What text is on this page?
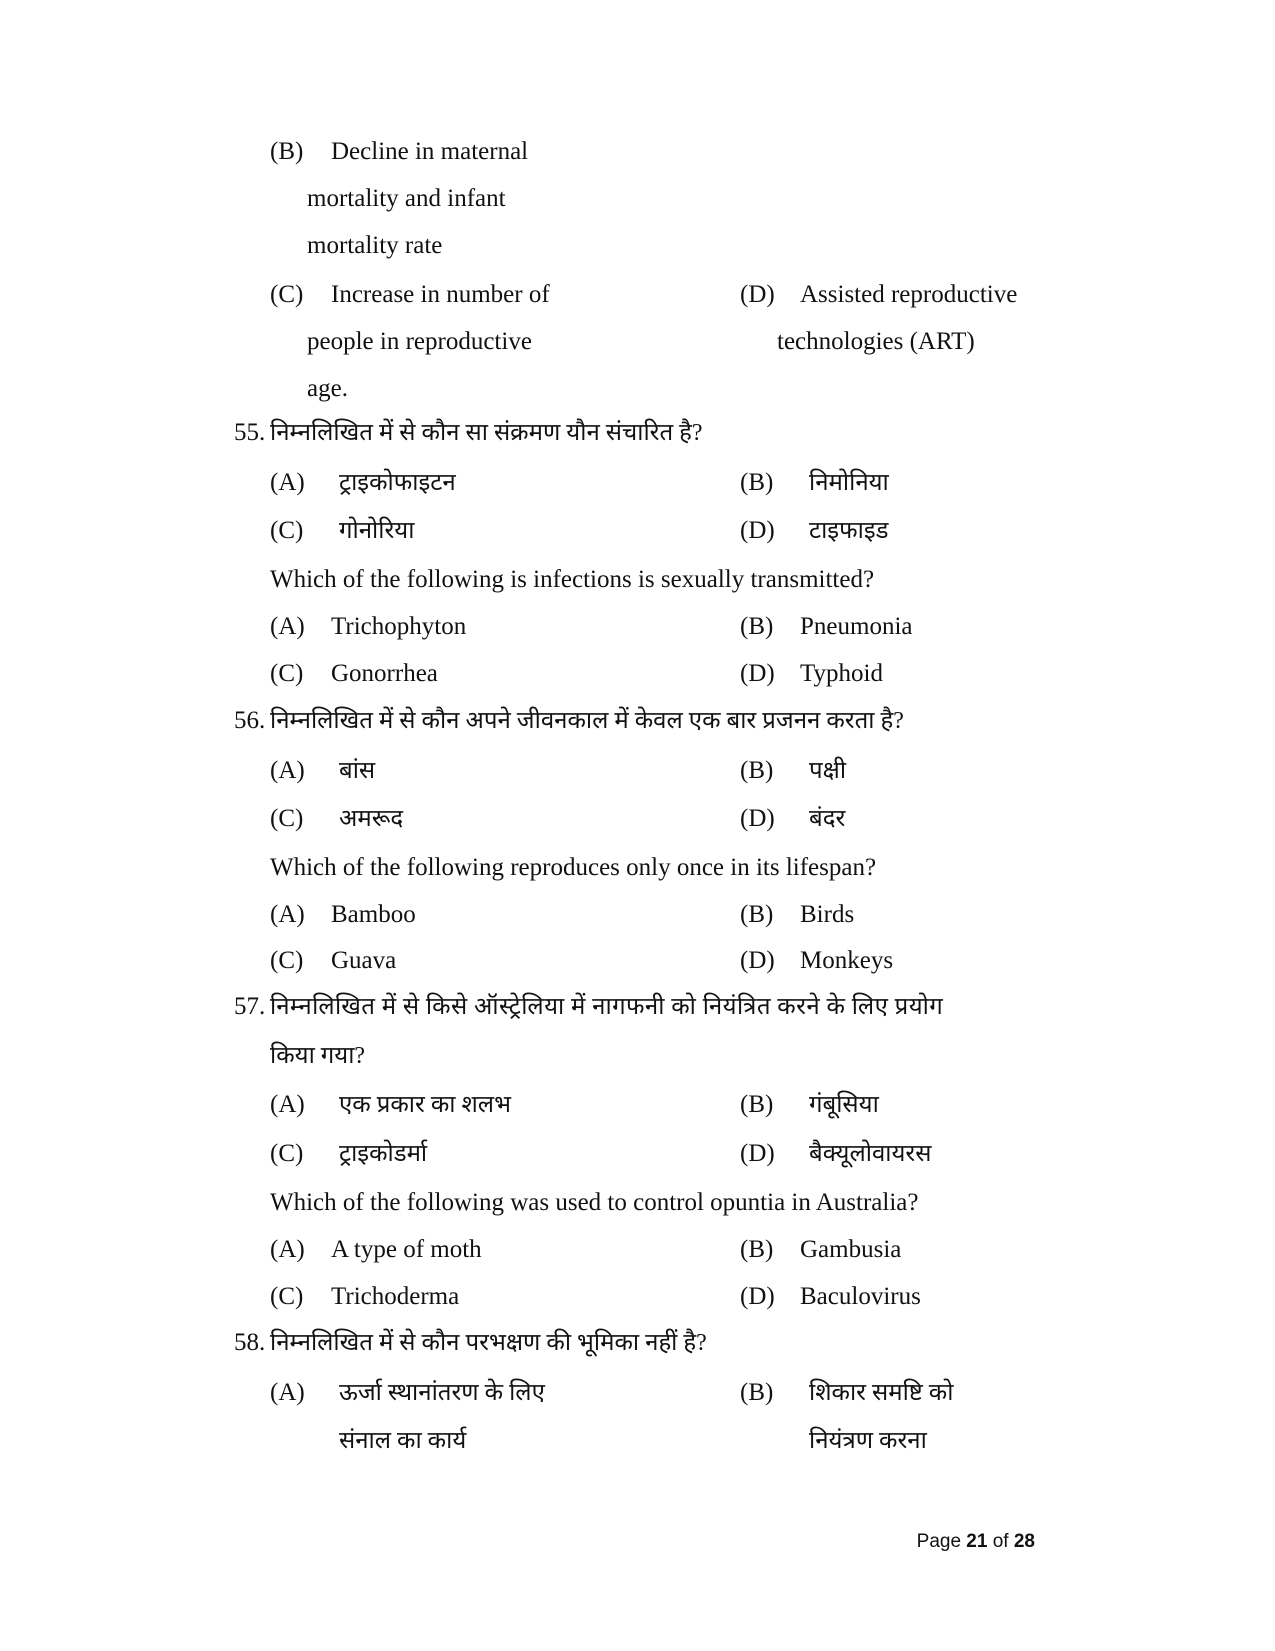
(B) Decline in maternal
mortality and infant
mortality rate
(C) Increase in number of
people in reproductive
age.
(D) Assisted reproductive
technologies (ART)
55. निम्नलिखित में से कौन सा संक्रमण यौन संचारित है?
(A) ट्राइकोफाइटन	(B) निमोनिया
(C) गोनोरिया	(D) टाइफाइड
Which of the following is infections is sexually transmitted?
(A) Trichophyton	(B) Pneumonia
(C) Gonorrhea	(D) Typhoid
56. निम्नलिखित में से कौन अपने जीवनकाल में केवल एक बार प्रजनन करता है?
(A) बांस	(B) पक्षी
(C) अमरूद	(D) बंदर
Which of the following reproduces only once in its lifespan?
(A) Bamboo	(B) Birds
(C) Guava	(D) Monkeys
57. निम्नलिखित में से किसे ऑस्ट्रेलिया में नागफनी को नियंत्रित करने के लिए प्रयोग
किया गया?
(A) एक प्रकार का शलभ	(B) गंबूसिया
(C) ट्राइकोडर्मा	(D) बैक्यूलोवायरस
Which of the following was used to control opuntia in Australia?
(A) A type of moth	(B) Gambusia
(C) Trichoderma	(D) Baculovirus
58. निम्नलिखित में से कौन परभक्षण की भूमिका नहीं है?
(A) ऊर्जा स्थानांतरण के लिए
संनाल का कार्य
(B) शिकार समष्टि को
नियंत्रण करना
Page 21 of 28
